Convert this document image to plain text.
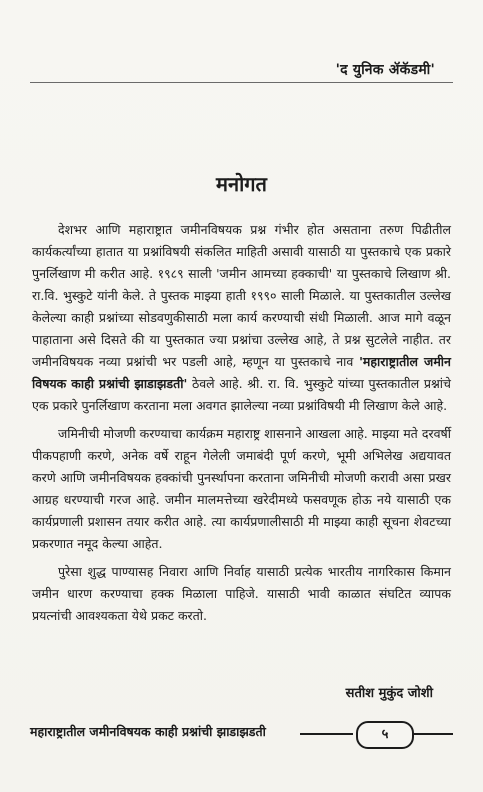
'द युनिक ॲकॅडमी'
मनोगत

देशभर आणि महाराष्ट्रात जमीनविषयक प्रश्न गंभीर होत असताना तरुण पिढीतील कार्यकर्त्यांच्या हातात या प्रश्नांविषयी संकलित माहिती असावी यासाठी या पुस्तकाचे एक प्रकारे पुनर्लिखाण मी करीत आहे. १९८९ साली 'जमीन आमच्या हक्काची' या पुस्तकाचे लिखाण श्री. रा.वि. भुस्कुटे यांनी केले. ते पुस्तक माझ्या हाती १९९० साली मिळाले. या पुस्तकातील उल्लेख केलेल्या काही प्रश्नांच्या सोडवणुकीसाठी मला कार्य करण्याची संधी मिळाली. आज मागे वळून पाहाताना असे दिसते की या पुस्तकात ज्या प्रश्नांचा उल्लेख आहे, ते प्रश्न सुटलेले नाहीत. तर जमीनविषयक नव्या प्रश्नांची भर पडली आहे, म्हणून या पुस्तकाचे नाव 'महाराष्ट्रातील जमीन विषयक काही प्रश्नांची झाडाझडती' ठेवले आहे. श्री. रा. वि. भुस्कुटे यांच्या पुस्तकातील प्रश्नांचे एक प्रकारे पुनर्लिखाण करताना मला अवगत झालेल्या नव्या प्रश्नांविषयी मी लिखाण केले आहे.

जमिनीची मोजणी करण्याचा कार्यक्रम महाराष्ट्र शासनाने आखला आहे. माझ्या मते दरवर्षी पीकपहाणी करणे, अनेक वर्षे राहून गेलेली जमाबंदी पूर्ण करणे, भूमी अभिलेख अद्ययावत करणे आणि जमीनविषयक हक्कांची पुनर्स्थापना करताना जमिनीची मोजणी करावी असा प्रखर आग्रह धरण्याची गरज आहे. जमीन मालमत्तेच्या खरेदीमध्ये फसवणूक होऊ नये यासाठी एक कार्यप्रणाली प्रशासन तयार करीत आहे. त्या कार्यप्रणालीसाठी मी माझ्या काही सूचना शेवटच्या प्रकरणात नमूद केल्या आहेत.

पुरेसा शुद्ध पाण्यासह निवारा आणि निर्वाह यासाठी प्रत्येक भारतीय नागरिकास किमान जमीन धारण करण्याचा हक्क मिळाला पाहिजे. यासाठी भावी काळात संघटित व्यापक प्रयत्नांची आवश्यकता येथे प्रकट करतो.

सतीश मुकुंद जोशी
महाराष्ट्रातील जमीनविषयक काही प्रश्नांची झाडाझडती	५
